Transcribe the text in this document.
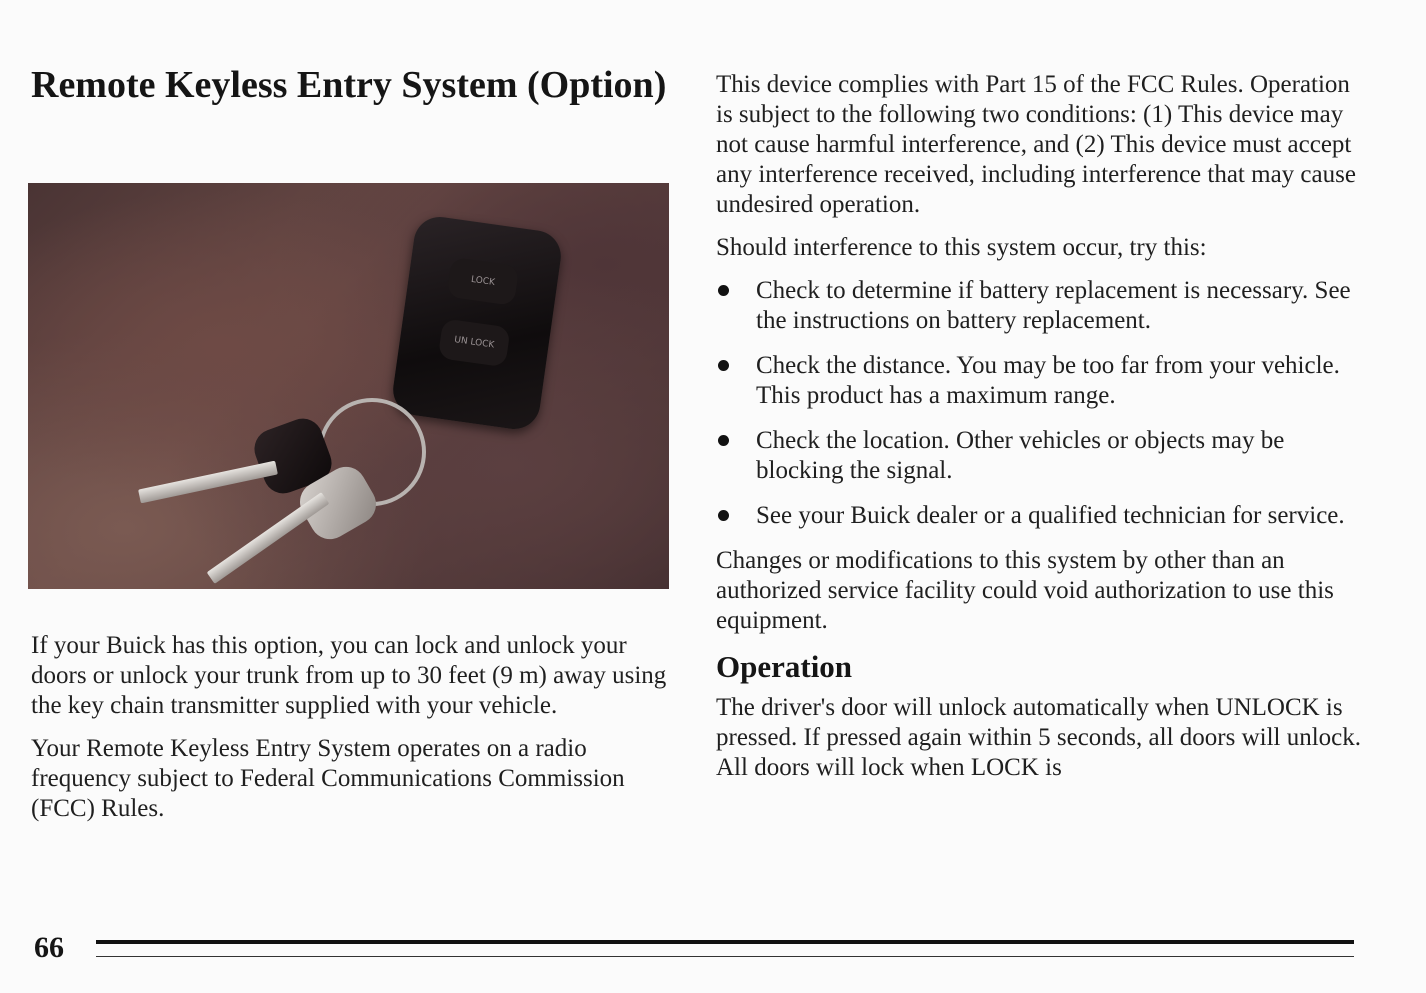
Remote Keyless Entry System (Option)
LOCK
UN LOCK

If your Buick has this option, you can lock and unlock your doors or unlock your trunk from up to 30 feet (9 m) away using the key chain transmitter supplied with your vehicle.

Your Remote Keyless Entry System operates on a radio frequency subject to Federal Communications Commission (FCC) Rules.

This device complies with Part 15 of the FCC Rules. Operation is subject to the following two conditions: (1) This device may not cause harmful interference, and (2) This device must accept any interference received, including interference that may cause undesired operation.

Should interference to this system occur, try this:

Check to determine if battery replacement is necessary. See the instructions on battery replacement.
Check the distance. You may be too far from your vehicle. This product has a maximum range.
Check the location. Other vehicles or objects may be blocking the signal.
See your Buick dealer or a qualified technician for service.

Changes or modifications to this system by other than an authorized service facility could void authorization to use this equipment.

Operation

The driver's door will unlock automatically when UNLOCK is pressed. If pressed again within 5 seconds, all doors will unlock. All doors will lock when LOCK is

66
